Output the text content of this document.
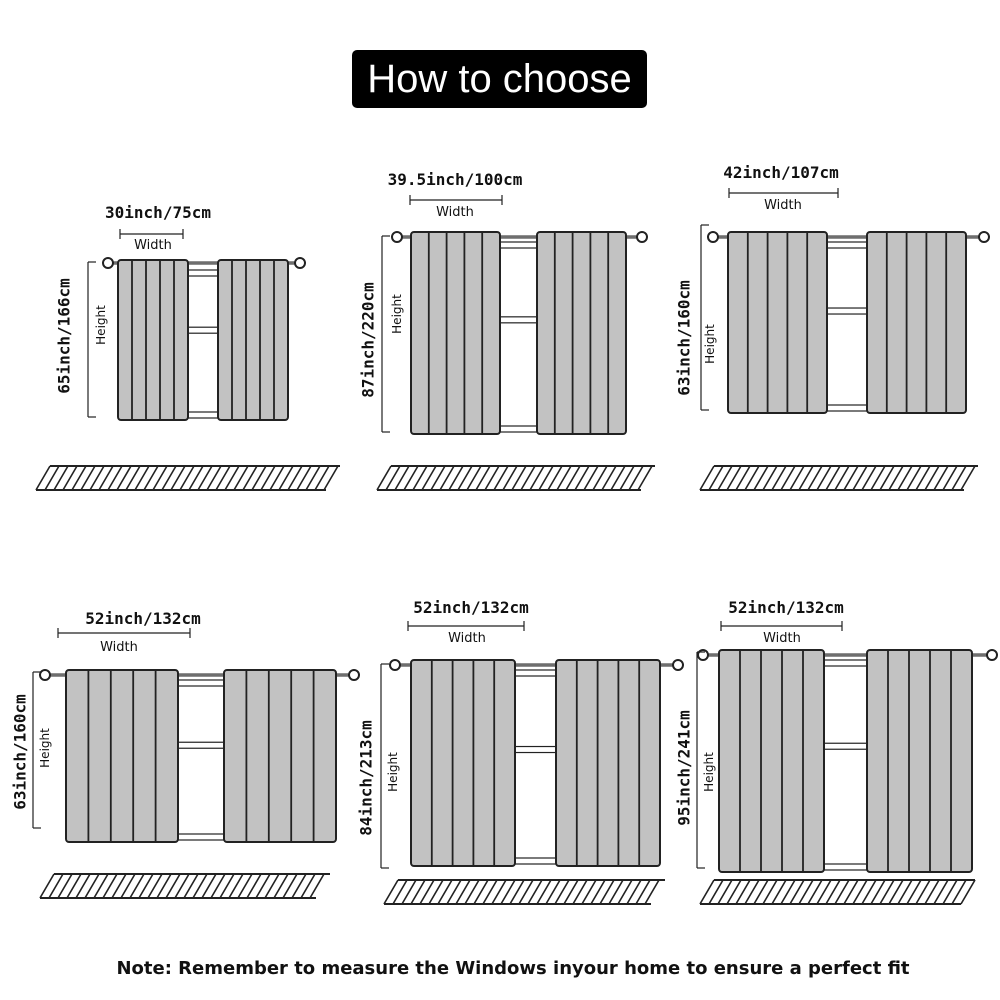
How to choose
30inch/75cm
Width
65inch/166cm Height
39.5inch/100cm
Width
87inch/220cm Height
42inch/107cm
Width
63inch/160cm Height
52inch/132cm
Width
63inch/160cm Height
52inch/132cm
Width
84inch/213cm Height
52inch/132cm
Width
95inch/241cm Height
Note: Remember to measure the Windows inyour home to ensure a perfect fit
